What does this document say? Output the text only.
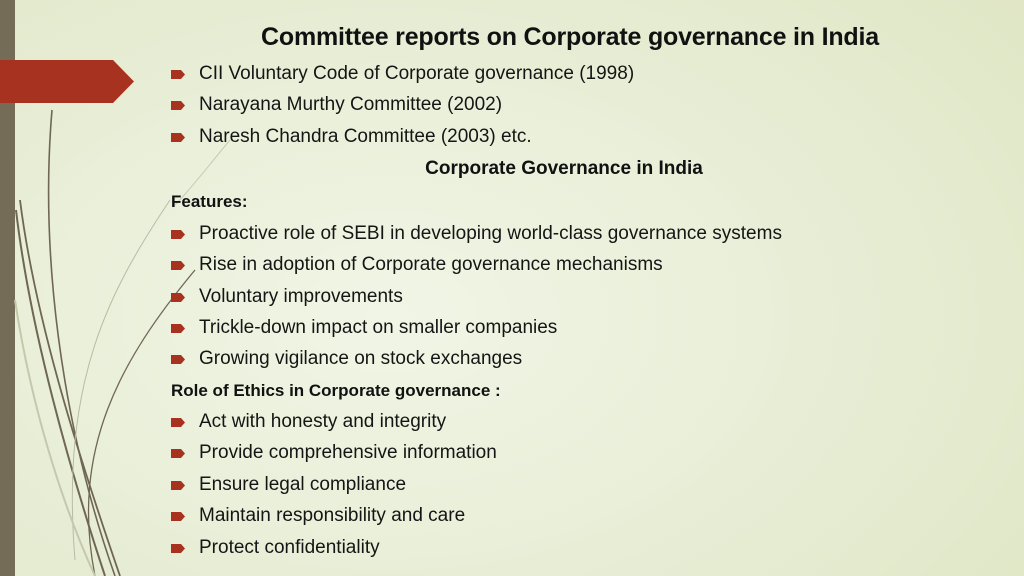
Committee reports on Corporate governance in India
CII Voluntary Code of Corporate governance (1998)
Narayana Murthy Committee (2002)
Naresh Chandra Committee (2003) etc.
Corporate Governance in India
Features:
Proactive role of SEBI in developing world-class governance systems
Rise in adoption of Corporate governance mechanisms
Voluntary improvements
Trickle-down impact on smaller companies
Growing vigilance on stock exchanges
Role of Ethics in Corporate governance :
Act with honesty and integrity
Provide comprehensive information
Ensure legal compliance
Maintain responsibility and care
Protect confidentiality
